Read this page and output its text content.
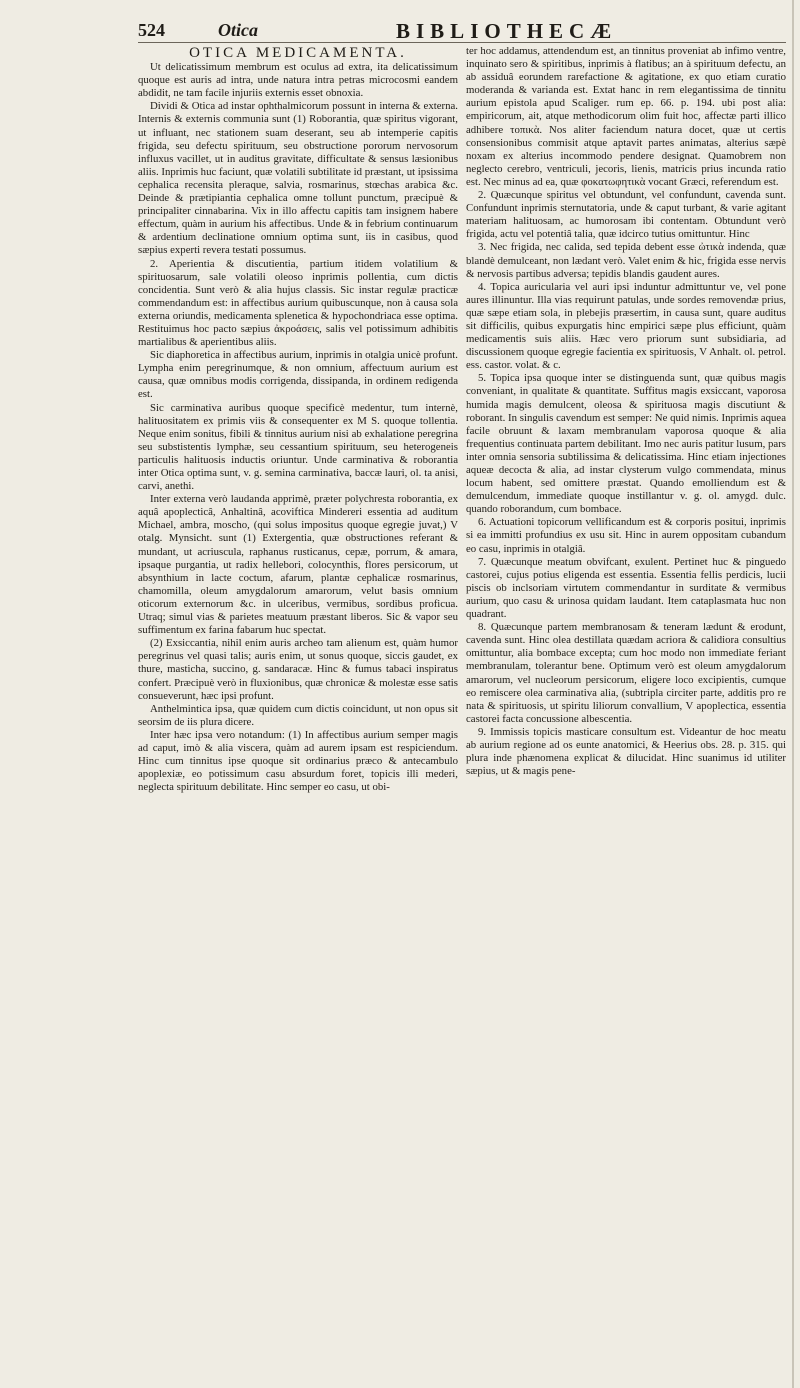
524	Otica	BIBLIOTHECÆ
OTICA MEDICAMENTA.

Ut delicatissimum membrum est oculus ad extra, ita delicatissimum quoque est auris ad intra, unde natura intra petras microcosmi eandem abdidit, ne tam facile injuriis externis esset obnoxia.

Dividi & Otica ad instar ophthalmicorum possunt in interna & externa. Internis & externis communia sunt (1) Roborantia, quæ spiritus vigorant, ut influant, nec stationem suam deserant, seu ab intemperie capitis frigida, seu defectu spirituum, seu obstructione pororum nervosorum influxus vacillet, ut in auditus gravitate, difficultate & sensus læsionibus aliis. Inprimis huc faciunt, quæ volatili subtilitate id præstant, ut ipsissima cephalica recensita pleraque, salvia, rosmarinus, stœchas arabica &c. Deinde & prætipiantia cephalica omne tollunt punctum, præcipuè & principaliter cinnabarina. Vix in illo affectu capitis tam insignem habere effectum, quàm in aurium his affectibus. Unde & in febrium continuarum & ardentium declinatione omnium optima sunt, iis in casibus, quod sæpius experti revera testati possumus.

2. Aperientia & discutientia, partium itidem volatilium & spirituosarum, sale volatili oleoso inprimis pollentia, cum dictis concidentia. Sunt verò & alia hujus classis. Sic instar regulæ practicæ commendandum est: in affectibus aurium quibuscunque, non à causa sola externa oriundis, medicamenta splenetica & hypochondriaca esse optima. Restituimus hoc pacto sæpius ἀκροάσεις, salis vel potissimum adhibitis martialibus & aperientibus aliis.

Sic diaphoretica in affectibus aurium, inprimis in otalgia unicè profunt. Lympha enim peregrinumque, & non omnium, affectuum aurium est causa, quæ omnibus modis corrigenda, dissipanda, in ordinem redigenda est.

Sic carminativa auribus quoque specificè medentur, tum internè, halituositatem ex primis viis & consequenter ex M S. quoque tollentia. Neque enim sonitus, fibili & tinnitus aurium nisi ab exhalatione peregrina seu substistentis lymphæ, seu cessantium spirituum, seu heterogeneis particulis halituosis inductis oriuntur. Unde carminativa & roborantia inter Otica optima sunt, v. g. semina carminativa, baccæ lauri, ol. ta anisi, carvi, anethi.

Inter externa verò laudanda apprimè, præter polychresta roborantia, ex aquâ apoplecticâ, Anhaltinâ, acoviftica Mindereri essentia ad auditum Michael, ambra, moscho, (qui solus impositus quoque egregie juvat,) V otalg. Mynsicht. sunt (1) Extergentia, quæ obstructiones referant & mundant, ut acriuscula, raphanus rusticanus, cepæ, porrum, & amara, ipsaque purgantia, ut radix hellebori, colocynthis, flores persicorum, ut absynthium in lacte coctum, afarum, plantæ cephalicæ rosmarinus, chamomilla, oleum amygdalorum amarorum, velut basis omnium oticorum externorum &c. in ulceribus, vermibus, sordibus proficua. Utraq; simul vias & parietes meatuum præstant liberos. Sic & vapor seu suffimentum ex farina fabarum huc spectat.

(2) Exsiccantia, nihil enim auris archeo tam alienum est, quàm humor peregrinus vel quasi talis; auris enim, ut sonus quoque, siccis gaudet, ex thure, masticha, succino, g. sandaracæ. Hinc & fumus tabaci inspiratus confert. Præcipuè verò in fluxionibus, quæ chronicæ & molestæ esse satis consueverunt, hæc ipsi profunt.

Anthelmintica ipsa, quæ quidem cum dictis coincidunt, ut non opus sit seorsim de iis plura dicere.

Inter hæc ipsa vero notandum: (1) In affectibus aurium semper magis ad caput, imò & alia viscera, quàm ad aurem ipsam est respiciendum. Hinc cum tinnitus ipse quoque sit ordinarius præco & antecambulo apoplexiæ, eo potissimum casu absurdum foret, topicis illi mederi, neglecta spirituum debilitate. Hinc semper eo casu, ut obi-

ter hoc addamus, attendendum est, an tinnitus proveniat ab infimo ventre, inquinato sero & spiritibus, inprimis à flatibus; an à spirituum defectu, an ab assiduâ eorundem rarefactione & agitatione, ex quo etiam curatio moderanda & varianda est. Extat hanc in rem elegantissima de tinnitu aurium epistola apud Scaliger. rum ep. 66. p. 194. ubi post alia: empiricorum, ait, atque methodicorum olim fuit hoc, affectæ parti illico adhibere τοπικὰ. Nos aliter faciendum natura docet, quæ ut certis consensionibus commisit atque aptavit partes animatas, alterius sæpè noxam ex alterius incommodo pendere designat. Quamobrem non neglecto cerebro, ventriculi, jecoris, lienis, matricis prius incunda ratio est. Nec minus ad ea, quæ φοκατωφητικὰ vocant Græci, referendum est.

2. Quæcunque spiritus vel obtundunt, vel confundunt, cavenda sunt. Confundunt inprimis sternutatoria, unde & caput turbant, & varie agitant materiam halituosam, ac humorosam ibi contentam. Obtundunt verò frigida, actu vel potentiâ talia, quæ idcirco tutius omittuntur. Hinc

3. Nec frigida, nec calida, sed tepida debent esse ὠτικὰ indenda, quæ blandè demulceant, non lædant verò. Valet enim & hic, frigida esse nervis & nervosis partibus adversa; tepidis blandis gaudent aures.

4. Topica auricularia vel auri ipsi induntur admittuntur ve, vel pone aures illinuntur. Illa vias requirunt patulas, unde sordes removendæ prius, quæ sæpe etiam sola, in plebejis præsertim, in causa sunt, quare auditus sit difficilis, quibus expurgatis hinc empirici sæpe plus efficiunt, quàm medicamentis suis aliis. Hæc vero priorum sunt subsidiaria, ad discussionem quoque egregie facientia ex spirituosis, V Anhalt. ol. petrol. ess. castor. volat. & c.

5. Topica ipsa quoque inter se distinguenda sunt, quæ quibus magis conveniant, in qualitate & quantitate. Suffitus magis exsiccant, vaporosa humida magis demulcent, oleosa & spirituosa magis discutiunt & roborant. In singulis cavendum est semper: Ne quid nimis. Inprimis aquea facile obruunt & laxam membranulam vaporosa quoque & alia frequentius continuata partem debilitant. Imo nec auris patitur lusum, pars inter omnia sensoria subtilissima & delicatissima. Hinc etiam injectiones aqueæ decocta & alia, ad instar clysterum vulgo commendata, minus locum habent, sed omittere præstat. Quando emolliendum est & demulcendum, immediate quoque instillantur v. g. ol. amygd. dulc. quando roborandum, cum bombace.

6. Actuationi topicorum vellificandum est & corporis positui, inprimis si ea immitti profundius ex usu sit. Hinc in aurem oppositam cubandum eo casu, inprimis in otalgiâ.

7. Quæcunque meatum obvifcant, exulent. Pertinet huc & pinguedo castorei, cujus potius eligenda est essentia. Essentia fellis perdicis, lucii piscis ob inclsoriam virtutem commendantur in surditate & vermibus aurium, quo casu & urinosa quidam laudant. Item cataplasmata huc non quadrant.

8. Quæcunque partem membranosam & teneram lædunt & erodunt, cavenda sunt. Hinc olea destillata quædam acriora & calidiora consultius omittuntur, alia bombace excepta; cum hoc modo non immediate feriant membranulam, tolerantur bene. Optimum verò est oleum amygdalorum amarorum, vel nucleorum persicorum, eligere loco excipientis, cumque eo remiscere olea carminativa alia, (subtripla circiter parte, additis pro re nata & spirituosis, ut spiritu liliorum convallium, V apoplectica, essentia castorei facta concussione albescentia.

9. Immissis topicis masticare consultum est. Videantur de hoc meatu ab aurium regione ad os eunte anatomici, & Heerius obs. 28. p. 315. qui plura inde phænomena explicat & dilucidat. Hinc suanimus id utiliter sæpius, ut & magis pene-
